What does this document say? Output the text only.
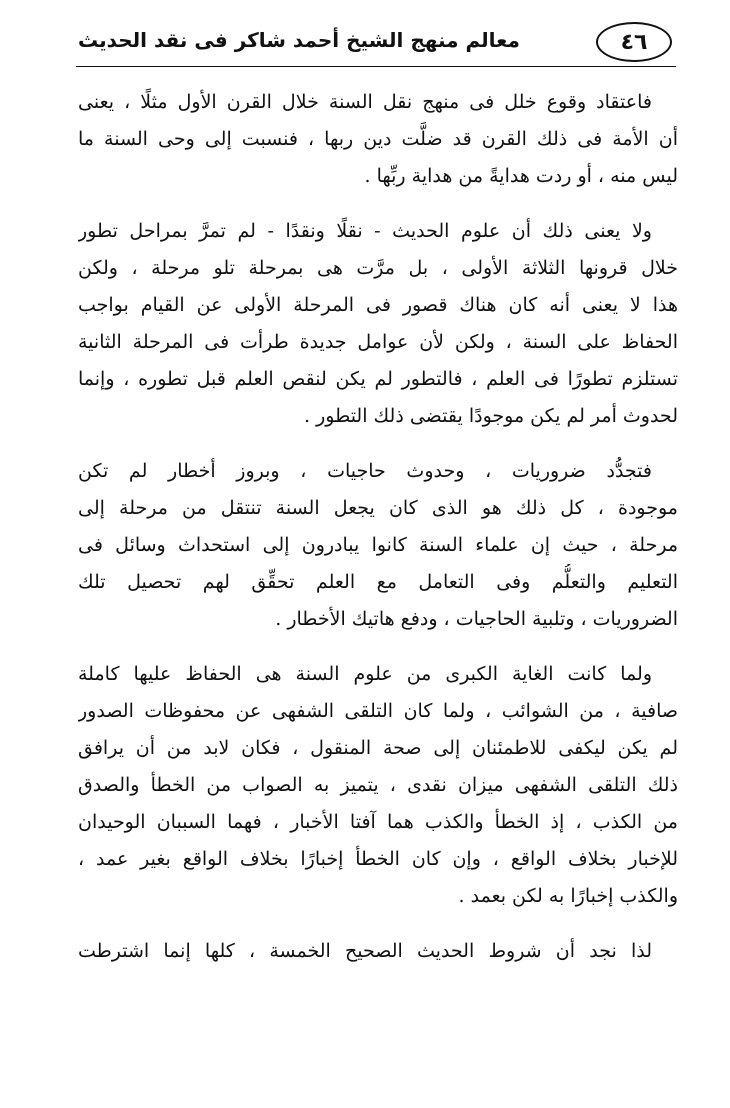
٤٦
معالم منهج الشيخ أحمد شاكر فى نقد الحديث
فاعتقاد وقوع خلل فى منهج نقل السنة خلال القرن الأول مثلًا ، يعنى
أن الأمة فى ذلك القرن قد ضلَّت دين ربها ، فنسبت إلى وحى السنة ما
ليس منه ، أو ردت هدايةً من هداية ربِّها .
ولا يعنى ذلك أن علوم الحديث - نقلًا ونقدًا - لم تمرَّ بمراحل تطور
خلال قرونها الثلاثة الأولى ، بل مرَّت هى بمرحلة تلو مرحلة ، ولكن
هذا لا يعنى أنه كان هناك قصور فى المرحلة الأولى عن القيام بواجب
الحفاظ على السنة ، ولكن لأن عوامل جديدة طرأت فى المرحلة الثانية
تستلزم تطورًا فى العلم ، فالتطور لم يكن لنقص العلم قبل تطوره ، وإنما
لحدوث أمر لم يكن موجودًا يقتضى ذلك التطور .
فتجدُّد ضروريات ، وحدوث حاجيات ، وبروز أخطار لم تكن
موجودة ، كل ذلك هو الذى كان يجعل السنة تنتقل من مرحلة إلى
مرحلة ، حيث إن علماء السنة كانوا يبادرون إلى استحداث وسائل فى
التعليم والتعلُّم وفى التعامل مع العلم تحقِّق لهم تحصيل تلك
الضروريات ، وتلبية الحاجيات ، ودفع هاتيك الأخطار .
ولما كانت الغاية الكبرى من علوم السنة هى الحفاظ عليها كاملة
صافية ، من الشوائب ، ولما كان التلقى الشفهى عن محفوظات الصدور
لم يكن ليكفى للاطمئنان إلى صحة المنقول ، فكان لابد من أن يرافق
ذلك التلقى الشفهى ميزان نقدى ، يتميز به الصواب من الخطأ والصدق
من الكذب ، إذ الخطأ والكذب هما آفتا الأخبار ، فهما السببان الوحيدان
للإخبار بخلاف الواقع ، وإن كان الخطأ إخبارًا بخلاف الواقع بغير عمد ،
والكذب إخبارًا به لكن بعمد .
لذا نجد أن شروط الحديث الصحيح الخمسة ، كلها إنما اشترطت
